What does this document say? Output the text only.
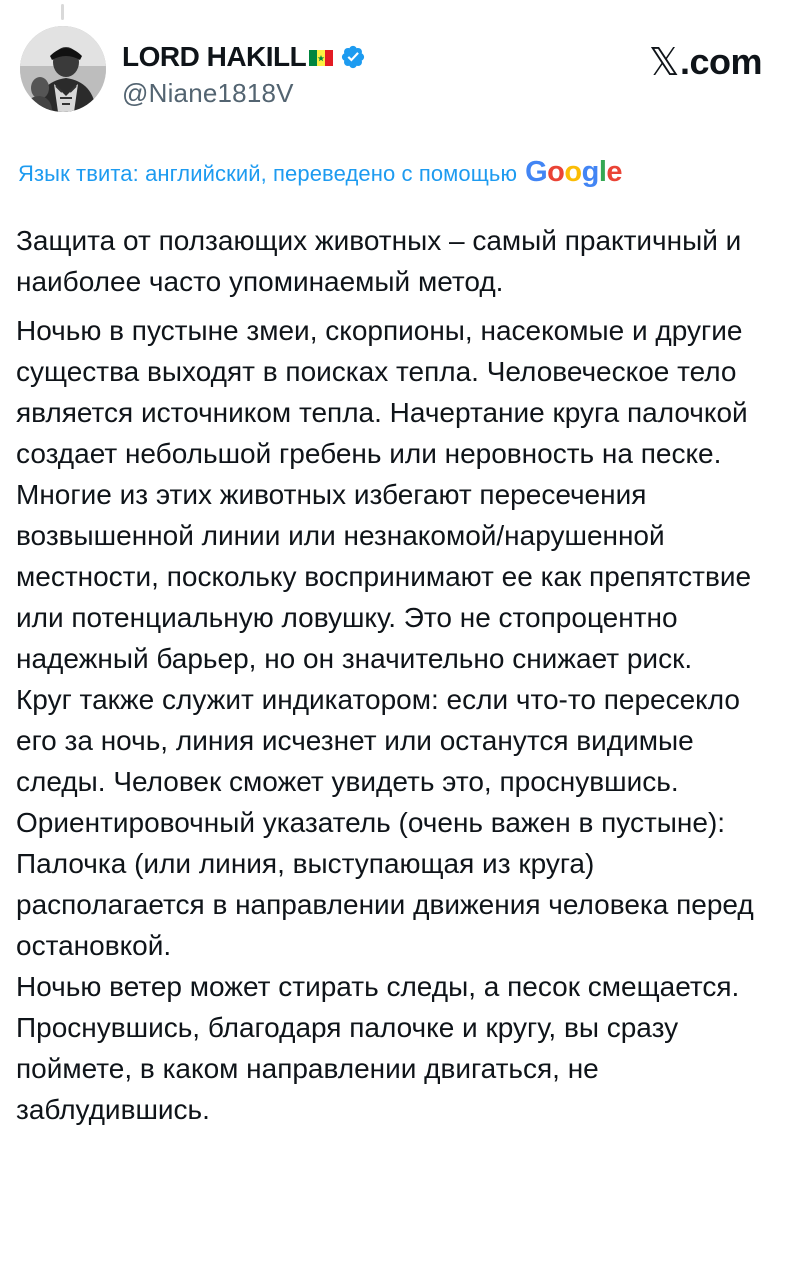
LORD HAKILL
@Niane1818V
𝕏 .com
Язык твита: английский, переведено с помощью Google

Защита от ползающих животных – самый практичный и наиболее часто упоминаемый метод.

Ночью в пустыне змеи, скорпионы, насекомые и другие существа выходят в поисках тепла. Человеческое тело является источником тепла. Начертание круга палочкой создает небольшой гребень или неровность на песке. Многие из этих животных избегают пересечения возвышенной линии или незнакомой/нарушенной местности, поскольку воспринимают ее как препятствие или потенциальную ловушку. Это не стопроцентно надежный барьер, но он значительно снижает риск.

Круг также служит индикатором: если что-то пересекло его за ночь, линия исчезнет или останутся видимые следы. Человек сможет увидеть это, проснувшись.

Ориентировочный указатель (очень важен в пустыне):

Палочка (или линия, выступающая из круга) располагается в направлении движения человека перед остановкой.

Ночью ветер может стирать следы, а песок смещается. Проснувшись, благодаря палочке и кругу, вы сразу поймете, в каком направлении двигаться, не заблудившись.
